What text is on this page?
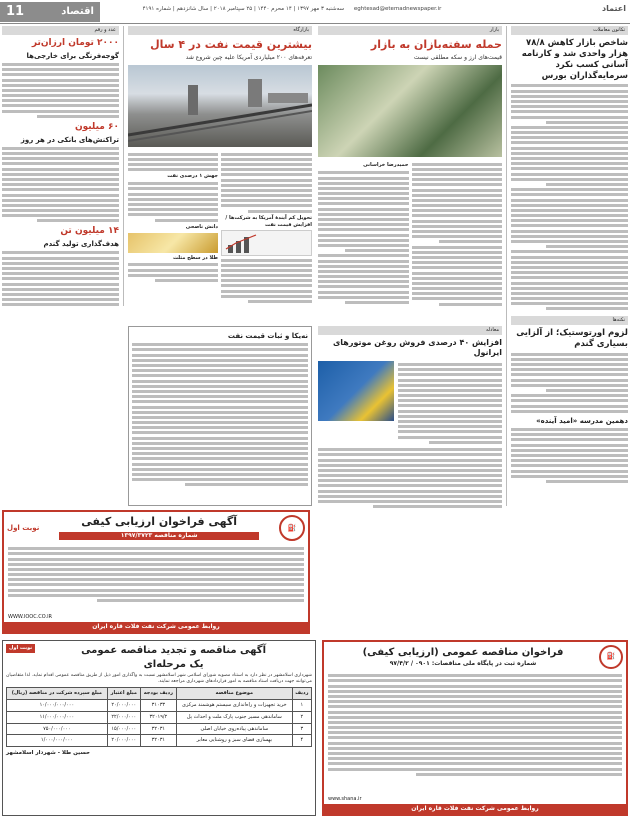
11	اقتصاد	eghtesad@etemadnewspaper.ir سه‌شنبه ۳ مهر ۱۳۹۷ | ۱۴ محرم ۱۴۴۰ | ۲۵ سپتامبر ۲۰۱۸ | سال شانزدهم | شماره ۴۱۹۱	اعتماد
تکانون معاملات
شاخص بازار کاهش ۷۸/۸ هزار واحدی شد و کارنامه آسانی کسب نکرد سرمایه‌گذاران بورس
نکته‌ها
لزوم اورتوستیک؛ از آلزایی بسیاری گندم
دهمین مدرسه «امید آینده»
بازار
حمله سفته‌بازان به بازار
قیمت‌های ارز و سکه مطلقی نیست
حمیدرضا خراسانی
بازارگاه
بیشترین قیمت نفت در ۴ سال
تعرفه‌های ۲۰۰ میلیاردی آمریکا علیه چین شروع شد
تحویل کم آیندهٔ آمریکا به شرکت‌ها / افزایش قیمت نفت
جهش ۱ درصدی نفت
دانش ناصحی
طلا در سطح مثلث
معادله
افزایش ۴۰ درصدی فروش روغن موتورهای ایرانول
نه‌یکا و ثبات قیمت نفت
عدد و رقم
۲۰۰۰ تومان ارزان‌تر
گوجه‌فرنگی برای خارجی‌ها
۶۰ میلیون
تراکنش‌های بانکی در هر روز
۱۴ میلیون تن
هدف‌گذاری تولید گندم
⛽
آگهی فراخوان ارزیابی کیفی
شماره مناقصه ۱۳۹۷/۳۷۲۳
نوبت اول
WWW.IOOC.CO.IR
روابط عمومی شرکت نفت فلات قاره ایران
⛽
فراخوان مناقصه عمومی (ارزیابی کیفی)
شماره ثبت در پایگاه ملی مناقصات: ۰۹۰۱ / ۹۷/۴/۲
www.shana.ir
روابط عمومی شرکت نفت فلات قاره ایران
آگهی مناقصه و تجدید مناقصه عمومی
یک مرحله‌ای
نوبت اول

شهرداری اسلامشهر در نظر دارد به استناد مصوبه شورای اسلامی شهر اسلامشهر نسبت به واگذاری امور ذیل از طریق مناقصه عمومی اقدام نماید. لذا متقاضیان می‌توانند جهت دریافت اسناد مناقصه به امور قراردادهای شهرداری مراجعه نمایند.

ردیف	موضوع مناقصه	ردیف بودجه	مبلغ اعتبار	مبلغ سپرده شرکت در مناقصه (ریال)
۱	خرید تجهیزات و راه‌اندازی سیستم هوشمند مرکزی	۳۱۰۳۳	۲۰/۰۰۰/۰۰۰	۱۰/۰۰۰/۰۰۰/۰۰۰
۲	ساماندهی مسیر جنوب پارک ملت و احداث پل	۳۲۰۱۹/۲	۲۲/۰۰۰/۰۰۰	۱۱/۰۰۰/۰۰۰/۰۰۰
۳	ساماندهی پیاده‌روی خیابان اصلی	۳۲۰۳۱	۱۵/۰۰۰/۰۰۰	۷۵۰/۰۰۰/۰۰۰
۴	بهسازی فضای سبز و روشنایی معابر	۳۲۰۳۱	۲۰/۰۰۰/۰۰۰	۱/۰۰۰/۰۰۰/۰۰۰
حسین طلا - شهردار اسلامشهر
